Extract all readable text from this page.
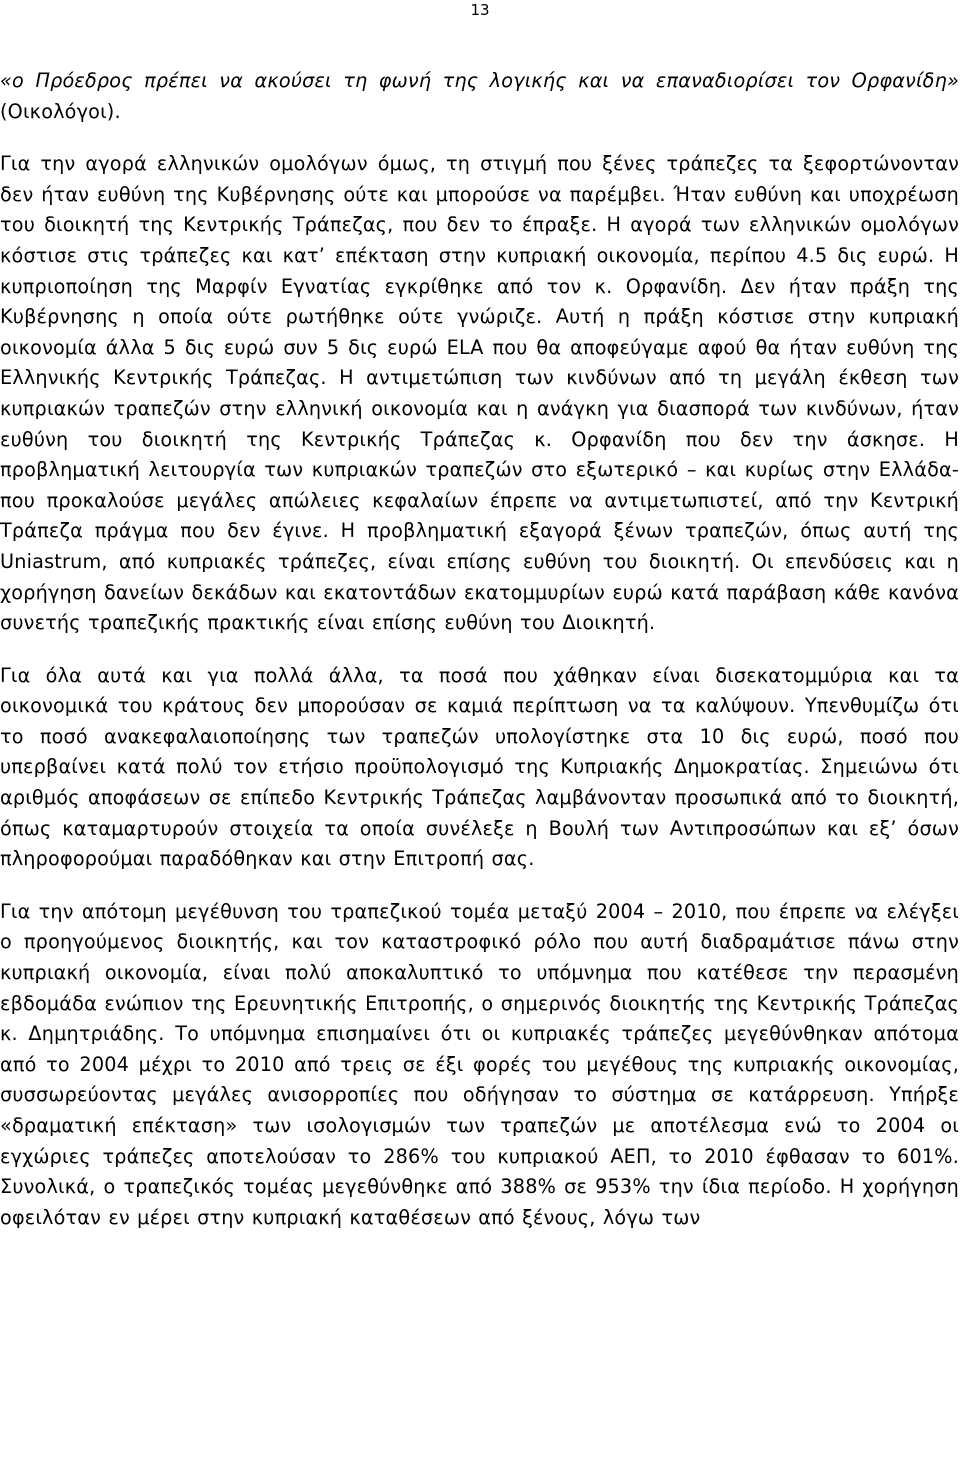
13

«ο Πρόεδρος πρέπει να ακούσει τη φωνή της λογικής και να επαναδιορίσει τον Ορφανίδη» (Οικολόγοι).

Για την αγορά ελληνικών ομολόγων όμως, τη στιγμή που ξένες τράπεζες τα ξεφορτώνονταν δεν ήταν ευθύνη της Κυβέρνησης ούτε και μπορούσε να παρέμβει. Ήταν ευθύνη και υποχρέωση του διοικητή της Κεντρικής Τράπεζας, που δεν το έπραξε. Η αγορά των ελληνικών ομολόγων κόστισε στις τράπεζες και κατ’ επέκταση στην κυπριακή οικονομία, περίπου 4.5 δις ευρώ. Η κυπριοποίηση της Μαρφίν Εγνατίας εγκρίθηκε από τον κ. Ορφανίδη. Δεν ήταν πράξη της Κυβέρνησης η οποία ούτε ρωτήθηκε ούτε γνώριζε. Αυτή η πράξη κόστισε στην κυπριακή οικονομία άλλα 5 δις ευρώ συν 5 δις ευρώ ELA που θα αποφεύγαμε αφού θα ήταν ευθύνη της Ελληνικής Κεντρικής Τράπεζας. Η αντιμετώπιση των κινδύνων από τη μεγάλη έκθεση των κυπριακών τραπεζών στην ελληνική οικονομία και η ανάγκη για διασπορά των κινδύνων, ήταν ευθύνη του διοικητή της Κεντρικής Τράπεζας κ. Ορφανίδη που δεν την άσκησε. Η προβληματική λειτουργία των κυπριακών τραπεζών στο εξωτερικό – και κυρίως στην Ελλάδα- που προκαλούσε μεγάλες απώλειες κεφαλαίων έπρεπε να αντιμετωπιστεί, από την Κεντρική Τράπεζα πράγμα που δεν έγινε. Η προβληματική εξαγορά ξένων τραπεζών, όπως αυτή της Uniastrum, από κυπριακές τράπεζες, είναι επίσης ευθύνη του διοικητή. Οι επενδύσεις και η χορήγηση δανείων δεκάδων και εκατοντάδων εκατομμυρίων ευρώ κατά παράβαση κάθε κανόνα συνετής τραπεζικής πρακτικής είναι επίσης ευθύνη του Διοικητή.

Για όλα αυτά και για πολλά άλλα, τα ποσά που χάθηκαν είναι δισεκατομμύρια και τα οικονομικά του κράτους δεν μπορούσαν σε καμιά περίπτωση να τα καλύψουν. Υπενθυμίζω ότι το ποσό ανακεφαλαιοποίησης των τραπεζών υπολογίστηκε στα 10 δις ευρώ, ποσό που υπερβαίνει κατά πολύ τον ετήσιο προϋπολογισμό της Κυπριακής Δημοκρατίας. Σημειώνω ότι αριθμός αποφάσεων σε επίπεδο Κεντρικής Τράπεζας λαμβάνονταν προσωπικά από το διοικητή, όπως καταμαρτυρούν στοιχεία τα οποία συνέλεξε η Βουλή των Αντιπροσώπων και εξ’ όσων πληροφορούμαι παραδόθηκαν και στην Επιτροπή σας.

Για την απότομη μεγέθυνση του τραπεζικού τομέα μεταξύ 2004 – 2010, που έπρεπε να ελέγξει ο προηγούμενος διοικητής, και τον καταστροφικό ρόλο που αυτή διαδραμάτισε πάνω στην κυπριακή οικονομία, είναι πολύ αποκαλυπτικό το υπόμνημα που κατέθεσε την περασμένη εβδομάδα ενώπιον της Ερευνητικής Επιτροπής, ο σημερινός διοικητής της Κεντρικής Τράπεζας κ. Δημητριάδης. Το υπόμνημα επισημαίνει ότι οι κυπριακές τράπεζες μεγεθύνθηκαν απότομα από το 2004 μέχρι το 2010 από τρεις σε έξι φορές του μεγέθους της κυπριακής οικονομίας, συσσωρεύοντας μεγάλες ανισορροπίες που οδήγησαν το σύστημα σε κατάρρευση. Υπήρξε «δραματική επέκταση» των ισολογισμών των τραπεζών με αποτέλεσμα ενώ το 2004 οι εγχώριες τράπεζες αποτελούσαν το 286% του κυπριακού ΑΕΠ, το 2010 έφθασαν το 601%. Συνολικά, ο τραπεζικός τομέας μεγεθύνθηκε από 388% σε 953% την ίδια περίοδο. Η χορήγηση οφειλόταν εν μέρει στην κυπριακή καταθέσεων από ξένους, λόγω των
